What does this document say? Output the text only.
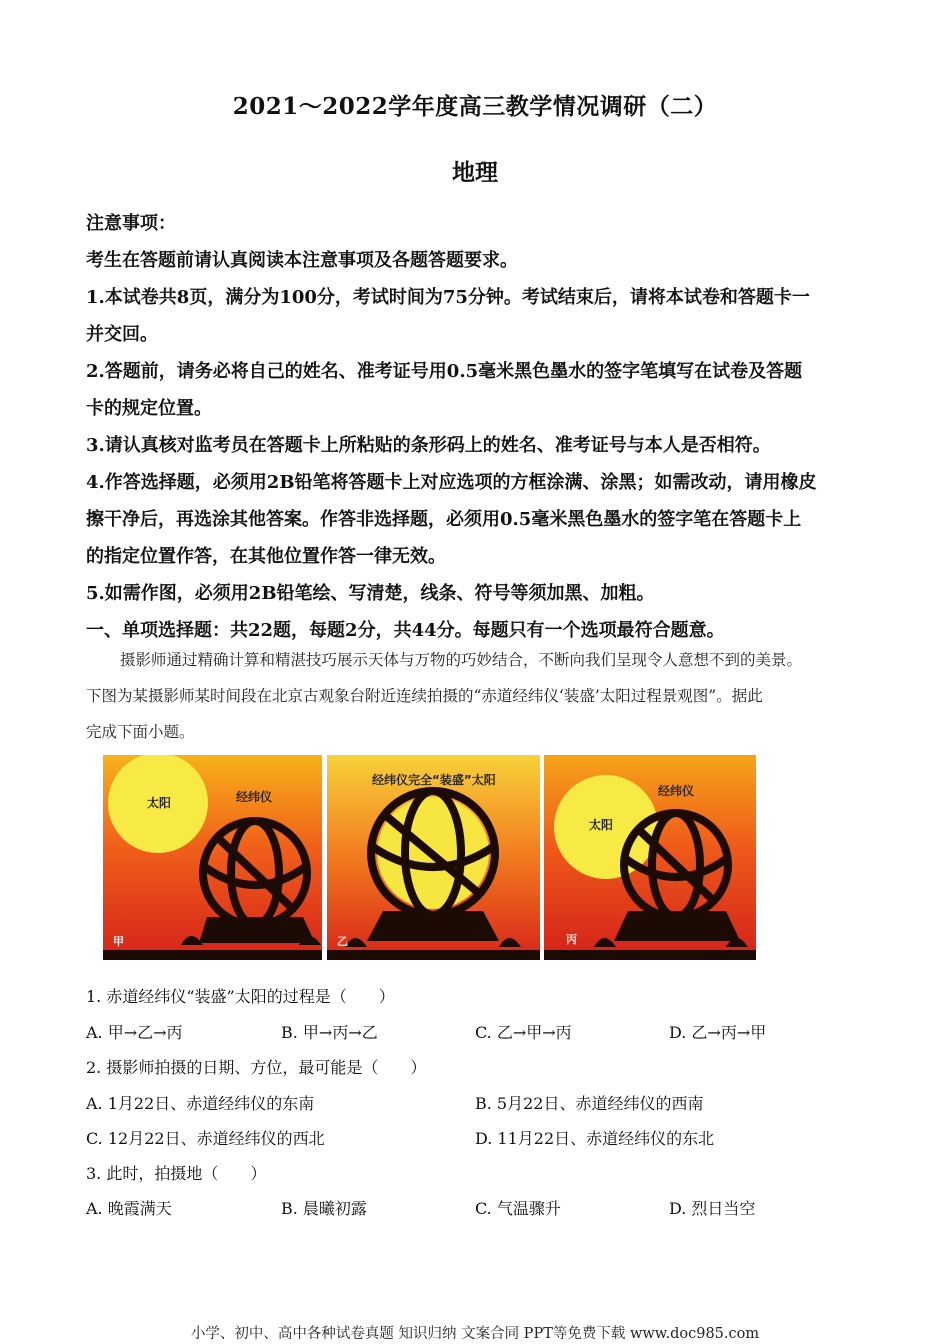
2021～2022学年度高三教学情况调研（二）
地理

注意事项：

考生在答题前请认真阅读本注意事项及各题答题要求。

1.本试卷共8页，满分为100分，考试时间为75分钟。考试结束后，请将本试卷和答题卡一

并交回。

2.答题前，请务必将自己的姓名、准考证号用0.5毫米黑色墨水的签字笔填写在试卷及答题

卡的规定位置。

3.请认真核对监考员在答题卡上所粘贴的条形码上的姓名、准考证号与本人是否相符。

4.作答选择题，必须用2B铅笔将答题卡上对应选项的方框涂满、涂黑；如需改动，请用橡皮

擦干净后，再选涂其他答案。作答非选择题，必须用0.5毫米黑色墨水的签字笔在答题卡上

的指定位置作答，在其他位置作答一律无效。

5.如需作图，必须用2B铅笔绘、写清楚，线条、符号等须加黑、加粗。

一、单项选择题：共22题，每题2分，共44分。每题只有一个选项最符合题意。

摄影师通过精确计算和精湛技巧展示天体与万物的巧妙结合，不断向我们呈现令人意想不到的美景。
下图为某摄影师某时间段在北京古观象台附近连续拍摄的“赤道经纬仪‘装盛’太阳过程景观图”。据此
完成下面小题。
太阳	经纬仪
甲
经纬仪完全“装盛”太阳
乙
太阳
经纬仪
丙
1. 赤道经纬仪“装盛”太阳的过程是（　　）
A. 甲→乙→丙	B. 甲→丙→乙	C. 乙→甲→丙	D. 乙→丙→甲
2. 摄影师拍摄的日期、方位，最可能是（　　）
A. 1月22日、赤道经纬仪的东南	B. 5月22日、赤道经纬仪的西南
C. 12月22日、赤道经纬仪的西北	D. 11月22日、赤道经纬仪的东北
3. 此时，拍摄地（　　）
A. 晚霞满天	B. 晨曦初露	C. 气温骤升	D. 烈日当空
小学、初中、高中各种试卷真题 知识归纳 文案合同 PPT等免费下载 www.doc985.com
